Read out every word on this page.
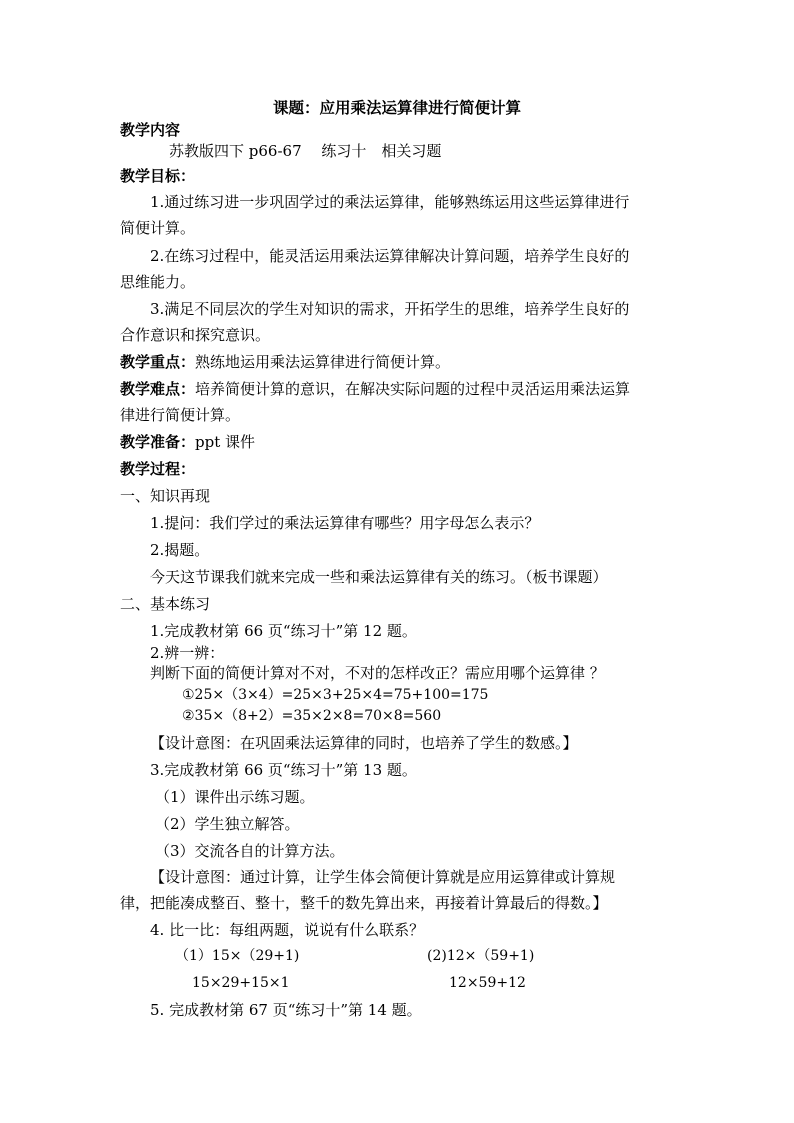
课题：应用乘法运算律进行简便计算
教学内容
苏教版四下 p66-67　 练习十　相关习题
教学目标：
1.通过练习进一步巩固学过的乘法运算律，能够熟练运用这些运算律进行
简便计算。
2.在练习过程中，能灵活运用乘法运算律解决计算问题，培养学生良好的
思维能力。
3.满足不同层次的学生对知识的需求，开拓学生的思维，培养学生良好的
合作意识和探究意识。
教学重点：熟练地运用乘法运算律进行简便计算。
教学难点：培养简便计算的意识，在解决实际问题的过程中灵活运用乘法运算
律进行简便计算。
教学准备：ppt 课件
教学过程：
一、知识再现
1.提问：我们学过的乘法运算律有哪些？用字母怎么表示？
2.揭题。
今天这节课我们就来完成一些和乘法运算律有关的练习。（板书课题）
二、基本练习
1.完成教材第 66 页“练习十”第 12 题。
2.辨一辨：
判断下面的简便计算对不对，不对的怎样改正？需应用哪个运算律 ？
①25×（3×4）=25×3+25×4=75+100=175
②35×（8+2）=35×2×8=70×8=560
【设计意图：在巩固乘法运算律的同时，也培养了学生的数感。】
3.完成教材第 66 页“练习十”第 13 题。
（1）课件出示练习题。
（2）学生独立解答。
（3）交流各自的计算方法。
【设计意图：通过计算，让学生体会简便计算就是应用运算律或计算规
律，把能凑成整百、整十，整千的数先算出来，再接着计算最后的得数。】
4. 比一比：每组两题，说说有什么联系？
（1）15×（29+1)	(2)12×（59+1)
15×29+15×1	12×59+12
5. 完成教材第 67 页“练习十”第 14 题。
